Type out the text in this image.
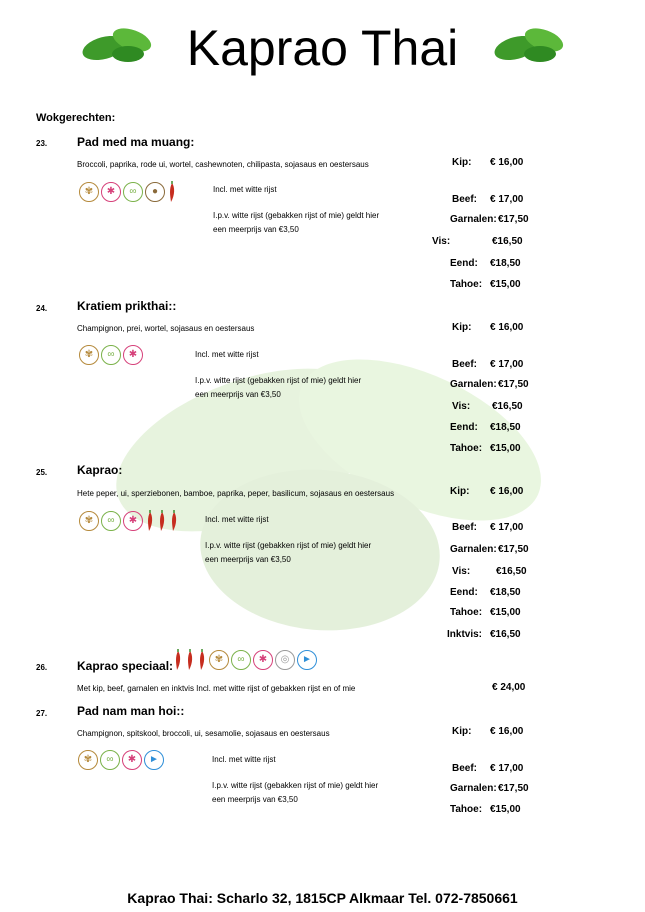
Kaprao Thai
Wokgerechten:
23. Pad med ma muang:
Broccoli, paprika, rode ui, wortel, cashewnoten, chilipasta, sojasaus en oestersaus
✾	✱	∞	●	Incl. met witte rijst
I.p.v. witte rijst (gebakken rijst of mie) geldt hier
een meerprijs van €3,50
Kip: € 16,00
Beef: € 17,00
Garnalen: €17,50
Vis:	€16,50
Eend: €18,50
Tahoe: €15,00
24. Kratiem prikthai::
Champignon, prei, wortel, sojasaus en oestersaus
✾	∞	✱	Incl. met witte rijst
I.p.v. witte rijst (gebakken rijst of mie) geldt hier
een meerprijs van €3,50
Kip: € 16,00
Beef: € 17,00
Garnalen: €17,50
Vis: €16,50
Eend: €18,50
Tahoe: €15,00
25. Kaprao:
Hete peper, ui, sperziebonen, bamboe, paprika, peper, basilicum, sojasaus en oestersaus
✾	∞	✱	Incl. met witte rijst
I.p.v. witte rijst (gebakken rijst of mie) geldt hier
een meerprijs van €3,50
Kip: € 16,00
Beef: € 17,00
Garnalen: €17,50
Vis:	€16,50
Eend: €18,50
Tahoe: €15,00
Inktvis: €16,50
26. Kaprao speciaal:	✾	∞	✱	◎	►
Met kip, beef, garnalen en inktvis Incl. met witte rijst of gebakken rijst en of mie	€ 24,00
27. Pad nam man hoi::
Champignon, spitskool, broccoli, ui, sesamolie, sojasaus en oestersaus
✾	∞	✱	►	Incl. met witte rijst
I.p.v. witte rijst (gebakken rijst of mie) geldt hier
een meerprijs van €3,50
Kip: € 16,00
Beef: € 17,00
Garnalen: €17,50
Tahoe: €15,00
Kaprao Thai: Scharlo 32, 1815CP Alkmaar Tel. 072-7850661
